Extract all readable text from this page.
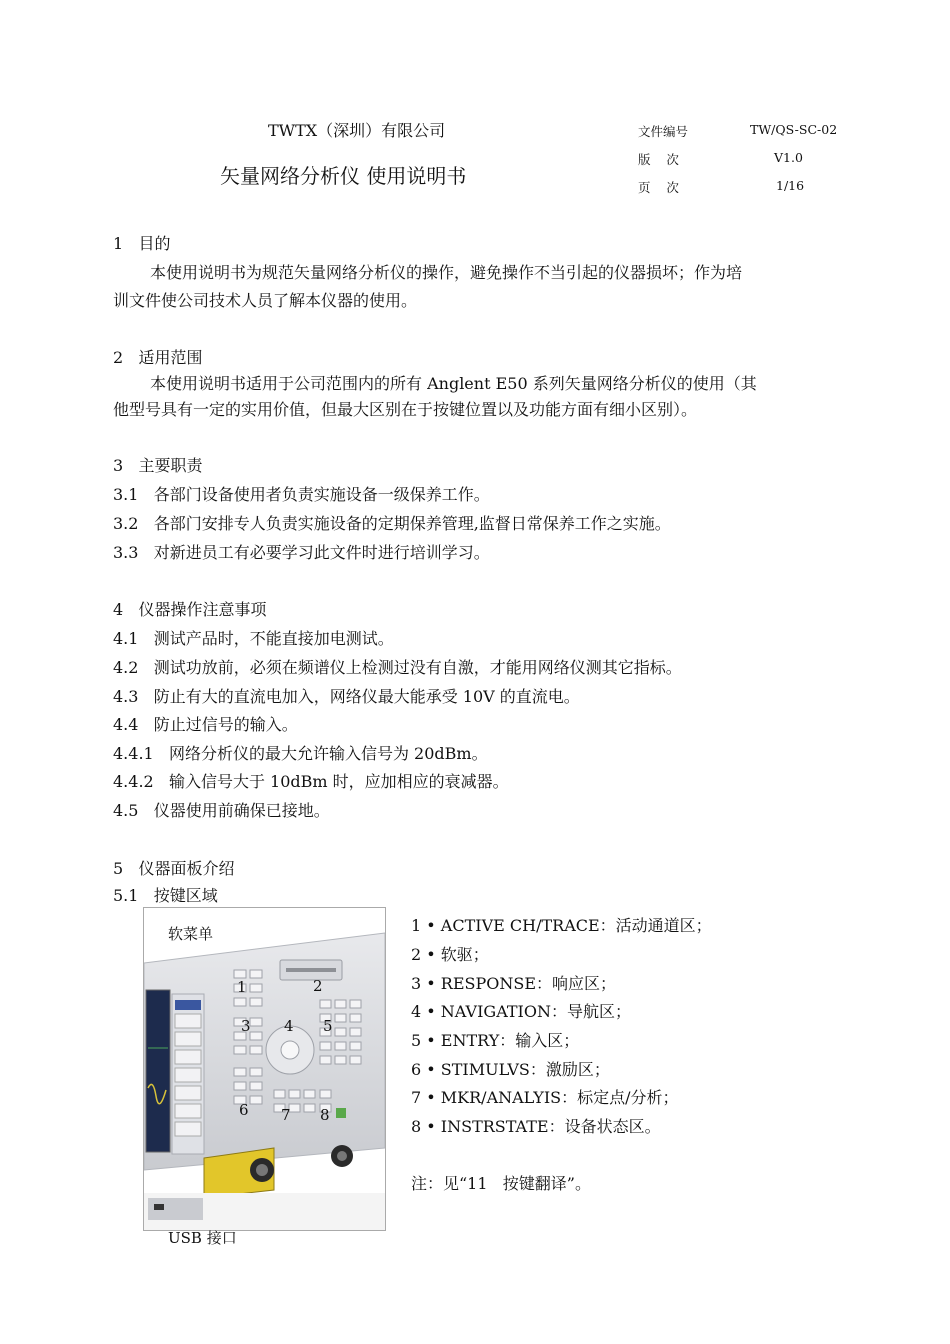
TWTX（深圳）有限公司
矢量网络分析仪 使用说明书
文件编号	TW/QS-SC-02
版    次	V1.0
页    次	1/16
1   目的
本使用说明书为规范矢量网络分析仪的操作，避免操作不当引起的仪器损坏；作为培
训文件使公司技术人员了解本仪器的使用。
2   适用范围
本使用说明书适用于公司范围内的所有 Anglent E50 系列矢量网络分析仪的使用（其
他型号具有一定的实用价值，但最大区别在于按键位置以及功能方面有细小区别）。
3   主要职责
3.1   各部门设备使用者负责实施设备一级保养工作。
3.2   各部门安排专人负责实施设备的定期保养管理,监督日常保养工作之实施。
3.3   对新进员工有必要学习此文件时进行培训学习。
4   仪器操作注意事项
4.1   测试产品时，不能直接加电测试。
4.2   测试功放前，必须在频谱仪上检测过没有自激，才能用网络仪测其它指标。
4.3   防止有大的直流电加入，网络仪最大能承受 10V 的直流电。
4.4   防止过信号的输入。
4.4.1   网络分析仪的最大允许输入信号为 20dBm。
4.4.2   输入信号大于 10dBm 时，应加相应的衰减器。
4.5   仪器使用前确保已接地。
5   仪器面板介绍
5.1   按键区域
软菜单
USB 接口
1	2
3 4 5
6 7 8
1 • ACTIVE CH/TRACE：活动通道区；
2 • 软驱；
3 • RESPONSE：响应区；
4 • NAVIGATION：导航区；
5 • ENTRY：输入区；
6 • STIMULVS：激励区；
7 • MKR/ANALYIS：标定点/分析；
8 • INSTRSTATE：设备状态区。
注：见“11   按键翻译”。
